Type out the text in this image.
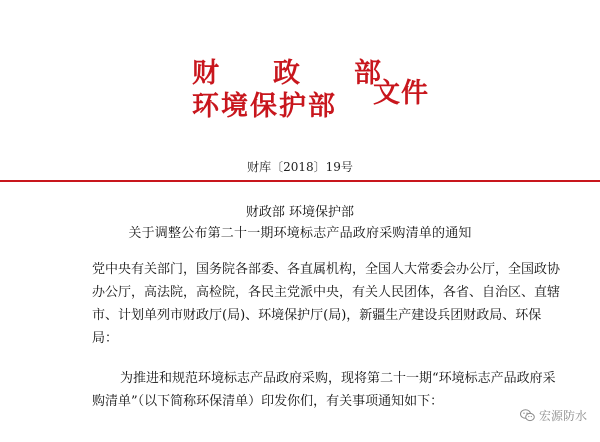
财　　政　　部
环境保护部	文件
财库〔2018〕19号
财政部 环境保护部
关于调整公布第二十一期环境标志产品政府采购清单的通知
党中央有关部门，国务院各部委、各直属机构，全国人大常委会办公厅，全国政协
办公厅，高法院，高检院，各民主党派中央，有关人民团体，各省、自治区、直辖
市、计划单列市财政厅(局)、环境保护厅(局)，新疆生产建设兵团财政局、环保
局：
为推进和规范环境标志产品政府采购，现将第二十一期“环境标志产品政府采
购清单”（以下简称环保清单）印发你们，有关事项通知如下：
宏源防水
